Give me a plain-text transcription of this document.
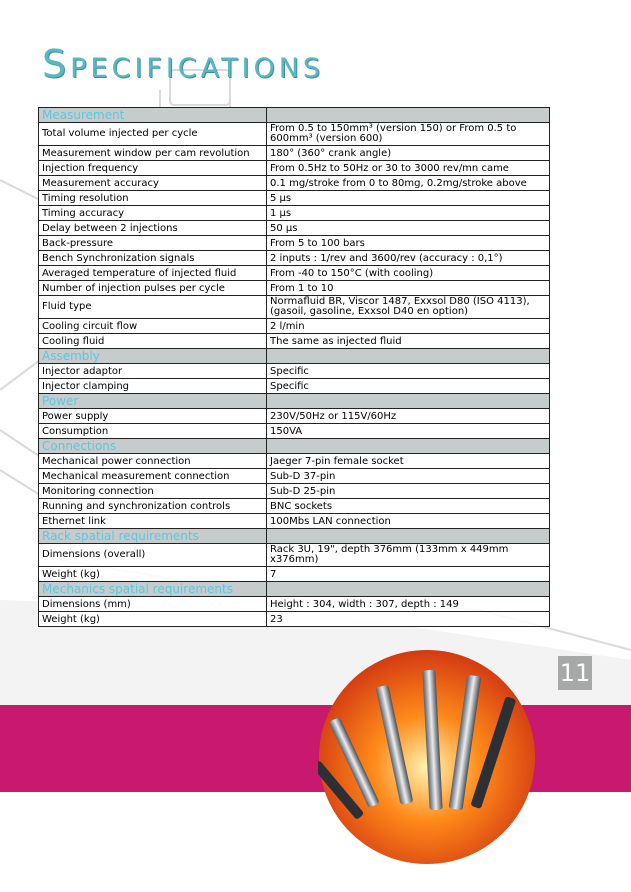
Specifications
Measurement	
Total volume injected per cycle	From 0.5 to 150mm³ (version 150) or From 0.5 to 600mm³ (version 600)
Measurement window per cam revolution	180° (360° crank angle)
Injection frequency	From 0.5Hz to 50Hz or 30 to 3000 rev/mn came
Measurement accuracy	0.1 mg/stroke from 0 to 80mg, 0.2mg/stroke above
Timing resolution	5 µs
Timing accuracy	1 µs
Delay between 2 injections	50 µs
Back-pressure	From 5 to 100 bars
Bench Synchronization signals	2 inputs : 1/rev and 3600/rev (accuracy : 0,1°)
Averaged temperature of injected fluid	From -40 to 150°C (with cooling)
Number of injection pulses per cycle	From 1 to 10
Fluid type	Normafluid BR, Viscor 1487, Exxsol D80 (ISO 4113), (gasoil, gasoline, Exxsol D40 en option)
Cooling circuit flow	2 l/min
Cooling fluid	The same as injected fluid
Assembly	
Injector adaptor	Specific
Injector clamping	Specific
Power	
Power supply	230V/50Hz or 115V/60Hz
Consumption	150VA
Connections	
Mechanical power connection	Jaeger 7-pin female socket
Mechanical measurement connection	Sub-D 37-pin
Monitoring connection	Sub-D 25-pin
Running and synchronization controls	BNC sockets
Ethernet link	100Mbs LAN connection
Rack spatial requirements	
Dimensions (overall)	Rack 3U, 19", depth 376mm (133mm x 449mm x376mm)
Weight (kg)	7
Mechanics spatial requirements	
Dimensions (mm)	Height : 304, width : 307, depth : 149
Weight (kg)	23
11
